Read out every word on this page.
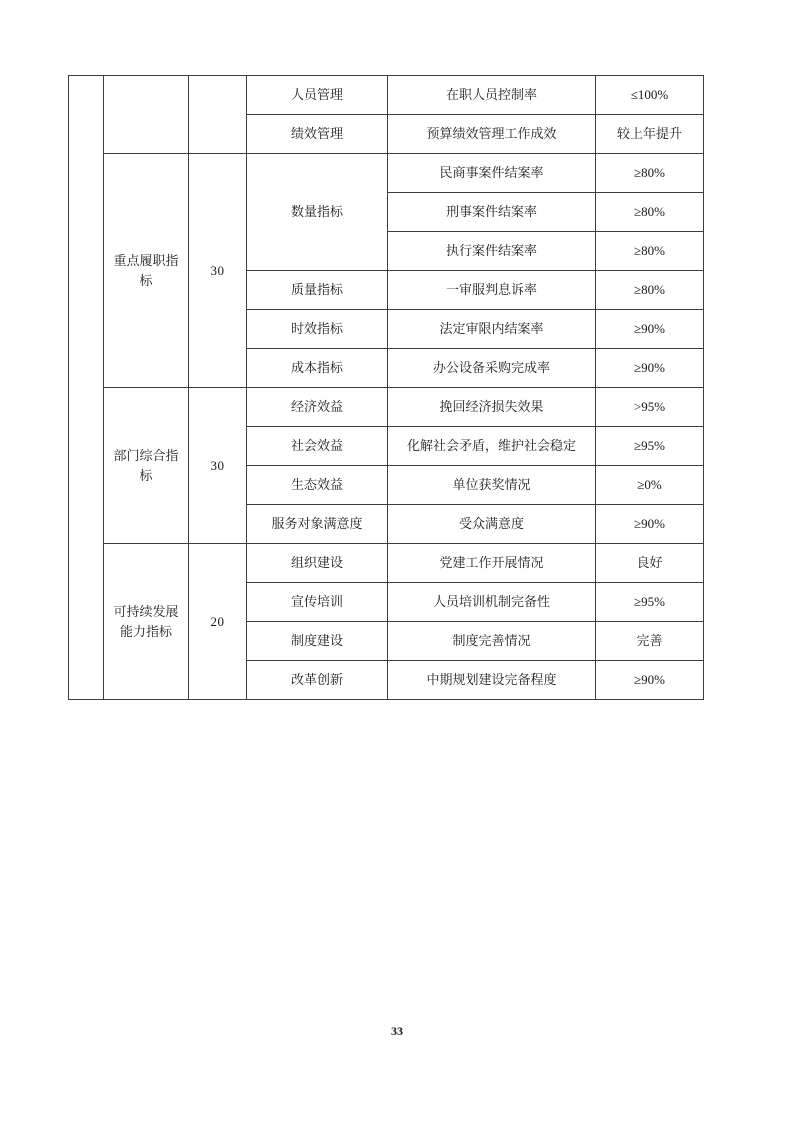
			人员管理	在职人员控制率	≤100%
			绩效管理	预算绩效管理工作成效	较上年提升
	重点履职指标	30	数量指标	民商事案件结案率	≥80%
				刑事案件结案率	≥80%
				执行案件结案率	≥80%
			质量指标	一审服判息诉率	≥80%
			时效指标	法定审限内结案率	≥90%
			成本指标	办公设备采购完成率	≥90%
	部门综合指标	30	经济效益	挽回经济损失效果	>95%
			社会效益	化解社会矛盾，维护社会稳定	≥95%
			生态效益	单位获奖情况	≥0%
			服务对象满意度	受众满意度	≥90%
	可持续发展能力指标	20	组织建设	党建工作开展情况	良好
			宣传培训	人员培训机制完备性	≥95%
			制度建设	制度完善情况	完善
			改革创新	中期规划建设完备程度	≥90%
33
